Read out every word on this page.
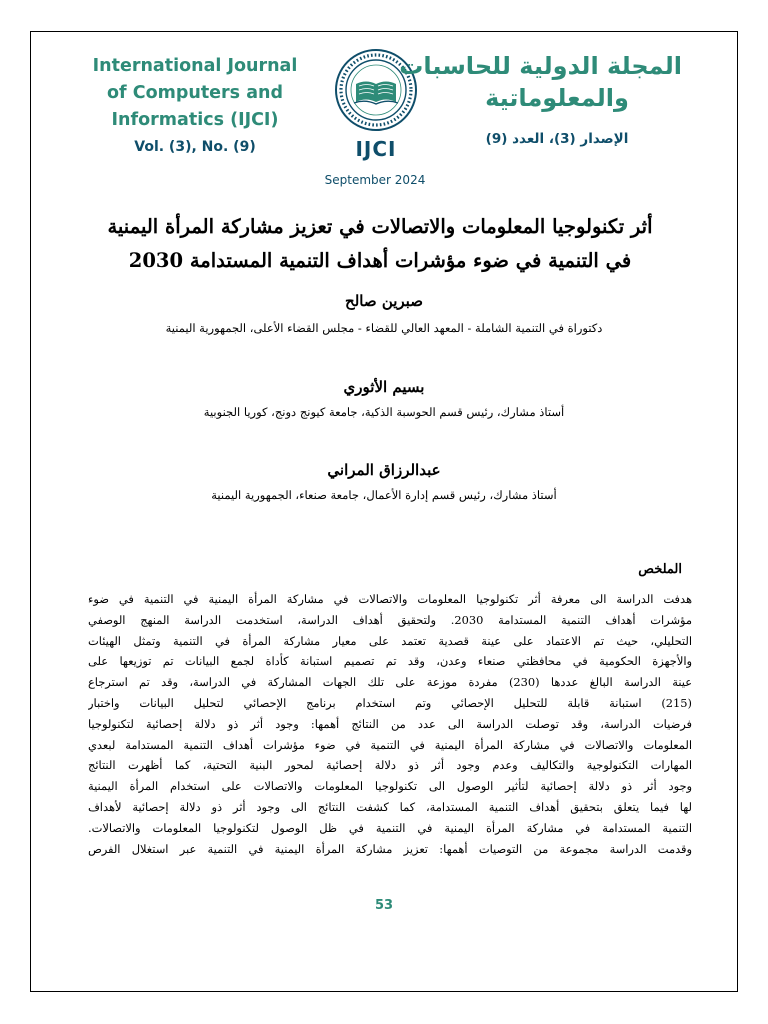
International Journal
of Computers and
Informatics (IJCI)
Vol. (3), No. (9)	IJCI
المجلة الدولية للحاسبات
والمعلوماتية
الإصدار (3)، العدد (9)
September 2024
أثر تكنولوجيا المعلومات والاتصالات في تعزيز مشاركة المرأة اليمنية
في التنمية في ضوء مؤشرات أهداف التنمية المستدامة 2030
صبرين صالح
دكتوراة في التنمية الشاملة - المعهد العالي للقضاء - مجلس القضاء الأعلى، الجمهورية اليمنية
بسيم الأثوري
أستاذ مشارك، رئيس قسم الحوسبة الذكية، جامعة كيونج دونج، كوريا الجنوبية
عبدالرزاق المراني
أستاذ مشارك، رئيس قسم إدارة الأعمال، جامعة صنعاء، الجمهورية اليمنية
الملخص
هدفت الدراسة الى معرفة أثر تكنولوجيا المعلومات والاتصالات في مشاركة المرأة اليمنية في التنمية في ضوء
مؤشرات أهداف التنمية المستدامة 2030. ولتحقيق أهداف الدراسة، استخدمت الدراسة المنهج الوصفي
التحليلي، حيث تم الاعتماد على عينة قصدية تعتمد على معيار مشاركة المرأة في التنمية وتمثل الهيئات
والأجهزة الحكومية في محافظتي صنعاء وعدن، وقد تم تصميم استبانة كأداة لجمع البيانات تم توزيعها على
عينة الدراسة البالغ عددها (230) مفردة موزعة على تلك الجهات المشاركة في الدراسة، وقد تم استرجاع
(215) استبانة قابلة للتحليل الإحصائي وتم استخدام برنامج الإحصائي لتحليل البيانات واختبار
فرضيات الدراسة، وقد توصلت الدراسة الى عدد من النتائج أهمها: وجود أثر ذو دلالة إحصائية لتكنولوجيا
المعلومات والاتصالات في مشاركة المرأة اليمنية في التنمية في ضوء مؤشرات أهداف التنمية المستدامة لبعدي
المهارات التكنولوجية والتكاليف وعدم وجود أثر ذو دلالة إحصائية لمحور البنية التحتية، كما أظهرت النتائج
وجود أثر ذو دلالة إحصائية لتأثير الوصول الى تكنولوجيا المعلومات والاتصالات على استخدام المرأة اليمنية
لها فيما يتعلق بتحقيق أهداف التنمية المستدامة، كما كشفت النتائج الى وجود أثر ذو دلالة إحصائية لأهداف
التنمية المستدامة في مشاركة المرأة اليمنية في التنمية في ظل الوصول لتكنولوجيا المعلومات والاتصالات.
وقدمت الدراسة مجموعة من التوصيات أهمها: تعزيز مشاركة المرأة اليمنية في التنمية عبر استغلال الفرص
53
